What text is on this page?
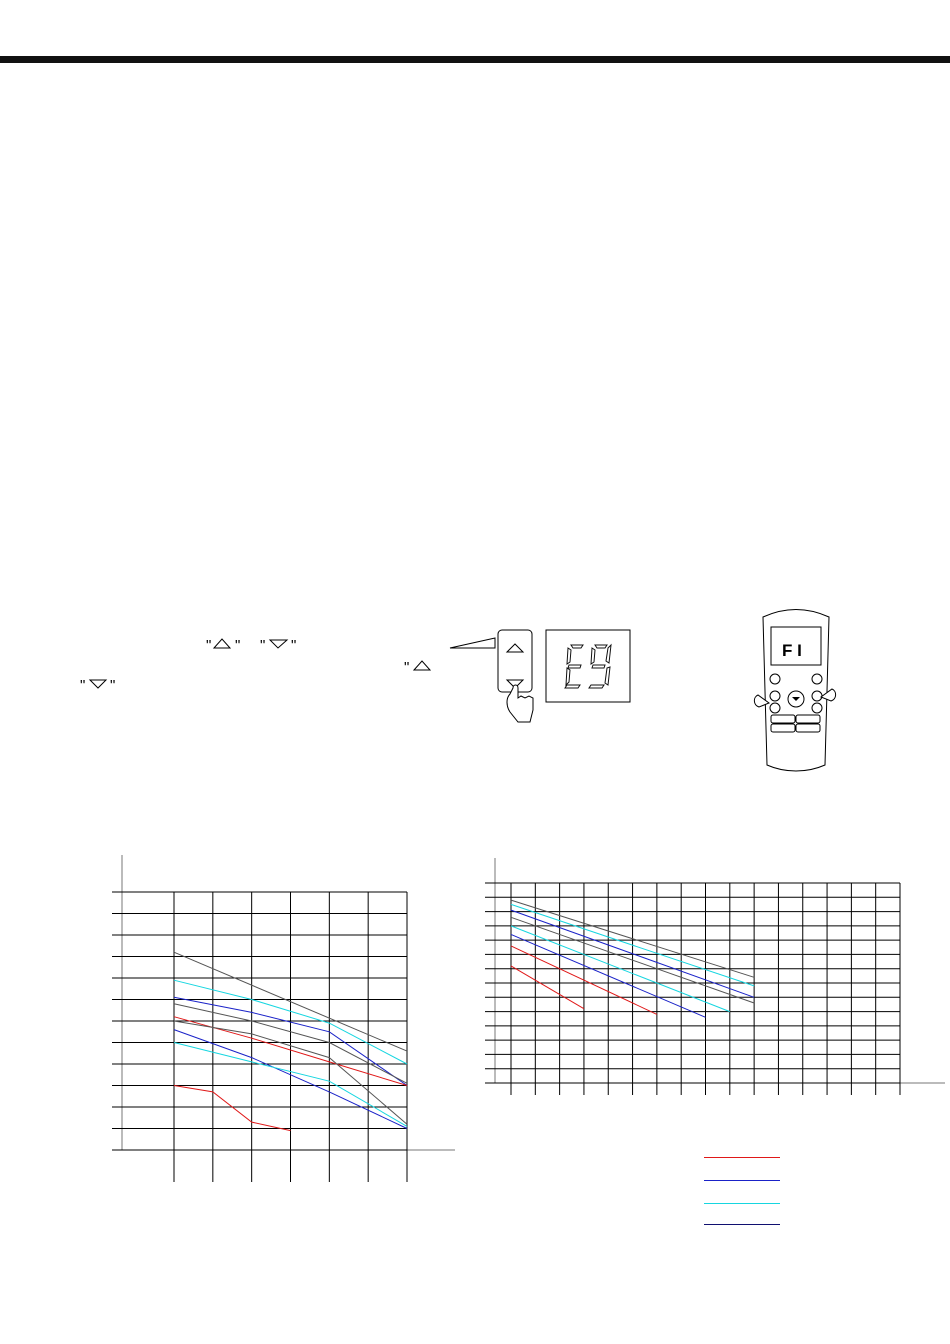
" " " "
"
" "
E9
F I
